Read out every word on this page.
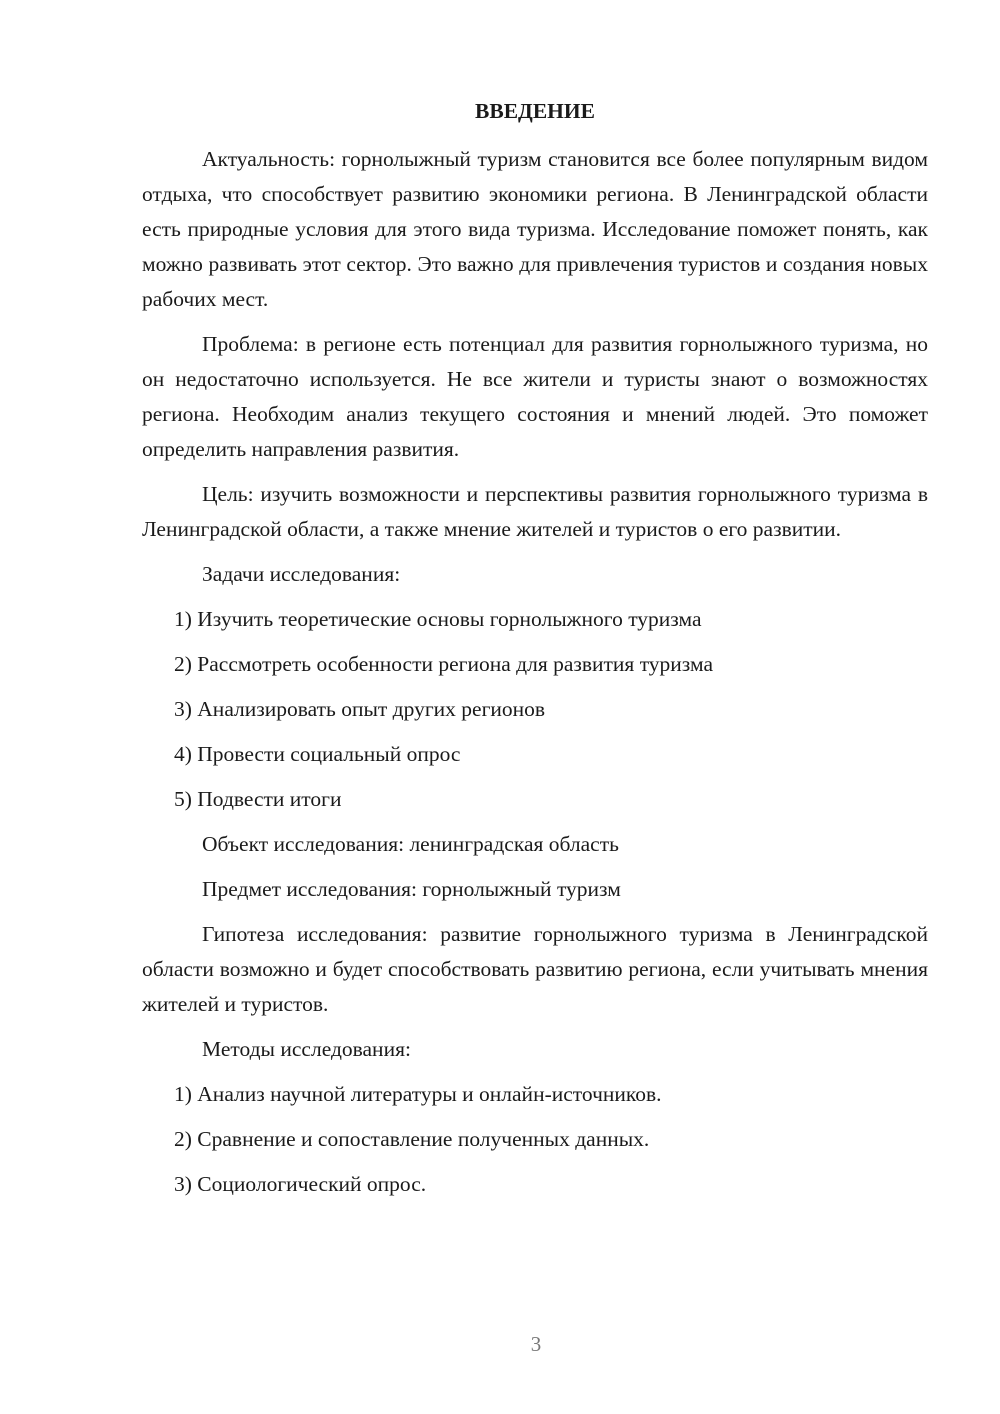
ВВЕДЕНИЕ

Актуальность: горнолыжный туризм становится все более популярным видом отдыха, что способствует развитию экономики региона. В Ленинградской области есть природные условия для этого вида туризма. Исследование поможет понять, как можно развивать этот сектор. Это важно для привлечения туристов и создания новых рабочих мест.

Проблема: в регионе есть потенциал для развития горнолыжного туризма, но он недостаточно используется. Не все жители и туристы знают о возможностях региона. Необходим анализ текущего состояния и мнений людей. Это поможет определить направления развития.

Цель: изучить возможности и перспективы развития горнолыжного туризма в Ленинградской области, а также мнение жителей и туристов о его развитии.

Задачи исследования:
1) Изучить теоретические основы горнолыжного туризма
2) Рассмотреть особенности региона для развития туризма
3) Анализировать опыт других регионов
4) Провести социальный опрос
5) Подвести итоги
Объект исследования: ленинградская область
Предмет исследования: горнолыжный туризм

Гипотеза исследования: развитие горнолыжного туризма в Ленинградской области возможно и будет способствовать развитию региона, если учитывать мнения жителей и туристов.

Методы исследования:
1) Анализ научной литературы и онлайн-источников.
2) Сравнение и сопоставление полученных данных.
3) Социологический опрос.
3
